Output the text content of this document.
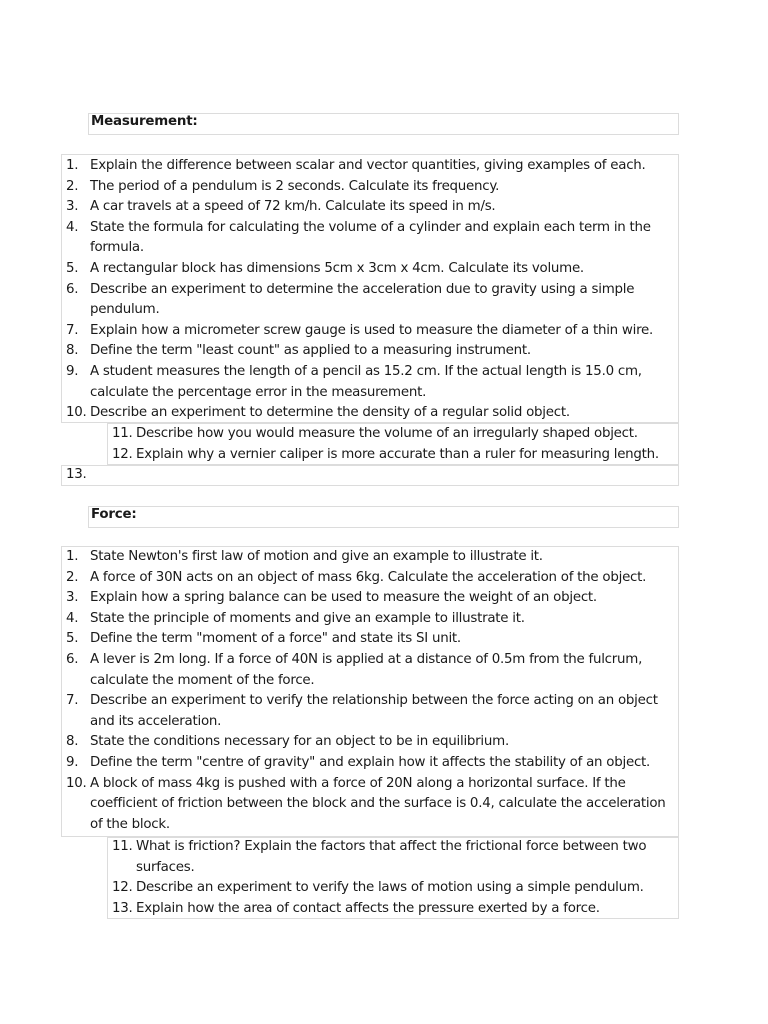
Measurement:
1. Explain the difference between scalar and vector quantities, giving examples of each.
2. The period of a pendulum is 2 seconds. Calculate its frequency.
3. A car travels at a speed of 72 km/h. Calculate its speed in m/s.
4. State the formula for calculating the volume of a cylinder and explain each term in the formula.
5. A rectangular block has dimensions 5cm x 3cm x 4cm. Calculate its volume.
6. Describe an experiment to determine the acceleration due to gravity using a simple pendulum.
7. Explain how a micrometer screw gauge is used to measure the diameter of a thin wire.
8. Define the term "least count" as applied to a measuring instrument.
9. A student measures the length of a pencil as 15.2 cm. If the actual length is 15.0 cm, calculate the percentage error in the measurement.
10. Describe an experiment to determine the density of a regular solid object.
11. Describe how you would measure the volume of an irregularly shaped object.
12. Explain why a vernier caliper is more accurate than a ruler for measuring length.
13.
Force:
1. State Newton's first law of motion and give an example to illustrate it.
2. A force of 30N acts on an object of mass 6kg. Calculate the acceleration of the object.
3. Explain how a spring balance can be used to measure the weight of an object.
4. State the principle of moments and give an example to illustrate it.
5. Define the term "moment of a force" and state its SI unit.
6. A lever is 2m long. If a force of 40N is applied at a distance of 0.5m from the fulcrum, calculate the moment of the force.
7. Describe an experiment to verify the relationship between the force acting on an object and its acceleration.
8. State the conditions necessary for an object to be in equilibrium.
9. Define the term "centre of gravity" and explain how it affects the stability of an object.
10. A block of mass 4kg is pushed with a force of 20N along a horizontal surface. If the coefficient of friction between the block and the surface is 0.4, calculate the acceleration of the block.
11. What is friction? Explain the factors that affect the frictional force between two surfaces.
12. Describe an experiment to verify the laws of motion using a simple pendulum.
13. Explain how the area of contact affects the pressure exerted by a force.
